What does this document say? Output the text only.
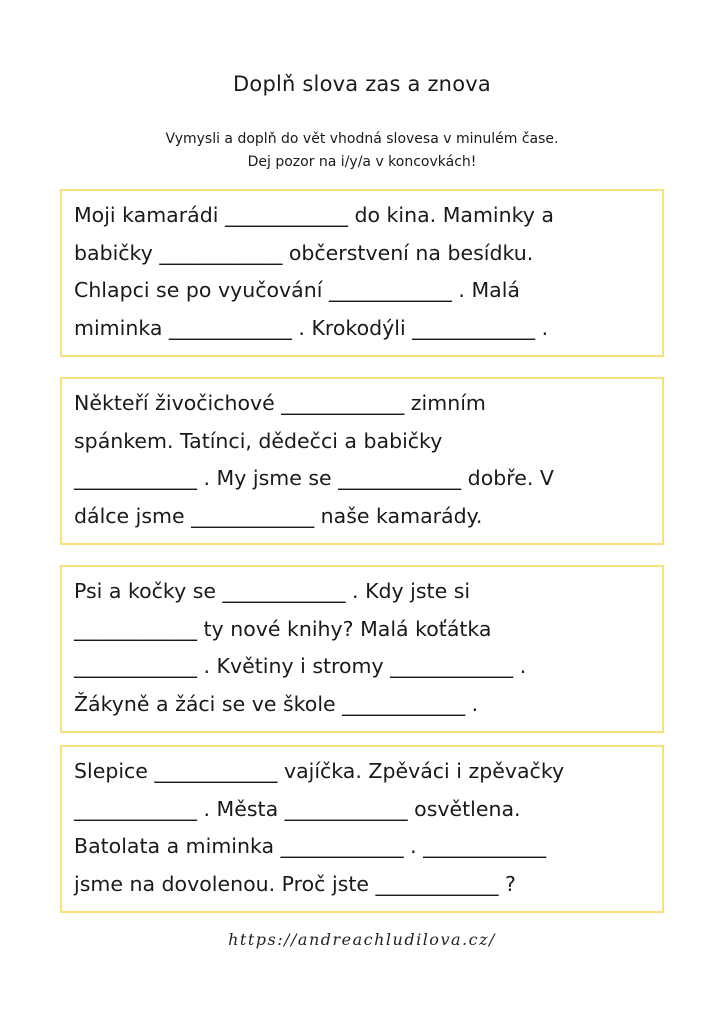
Doplň slova zas a znova
Vymysli a doplň do vět vhodná slovesa v minulém čase.
Dej pozor na i/y/a v koncovkách!

Moji kamarádi ____________ do kina. Maminky a

babičky ____________ občerstvení na besídku.

Chlapci se po vyučování ____________ . Malá

miminka ____________ . Krokodýli ____________ .

Někteří živočichové ____________ zimním

spánkem. Tatínci, dědečci a babičky

____________ . My jsme se ____________ dobře. V

dálce jsme ____________ naše kamarády.

Psi a kočky se ____________ . Kdy jste si

____________ ty nové knihy? Malá koťátka

____________ . Květiny i stromy ____________ .

Žákyně a žáci se ve škole ____________ .

Slepice ____________ vajíčka. Zpěváci i zpěvačky

____________ . Města ____________ osvětlena.

Batolata a miminka ____________ . ____________

jsme na dovolenou. Proč jste ____________ ?

https://andreachludilova.cz/
